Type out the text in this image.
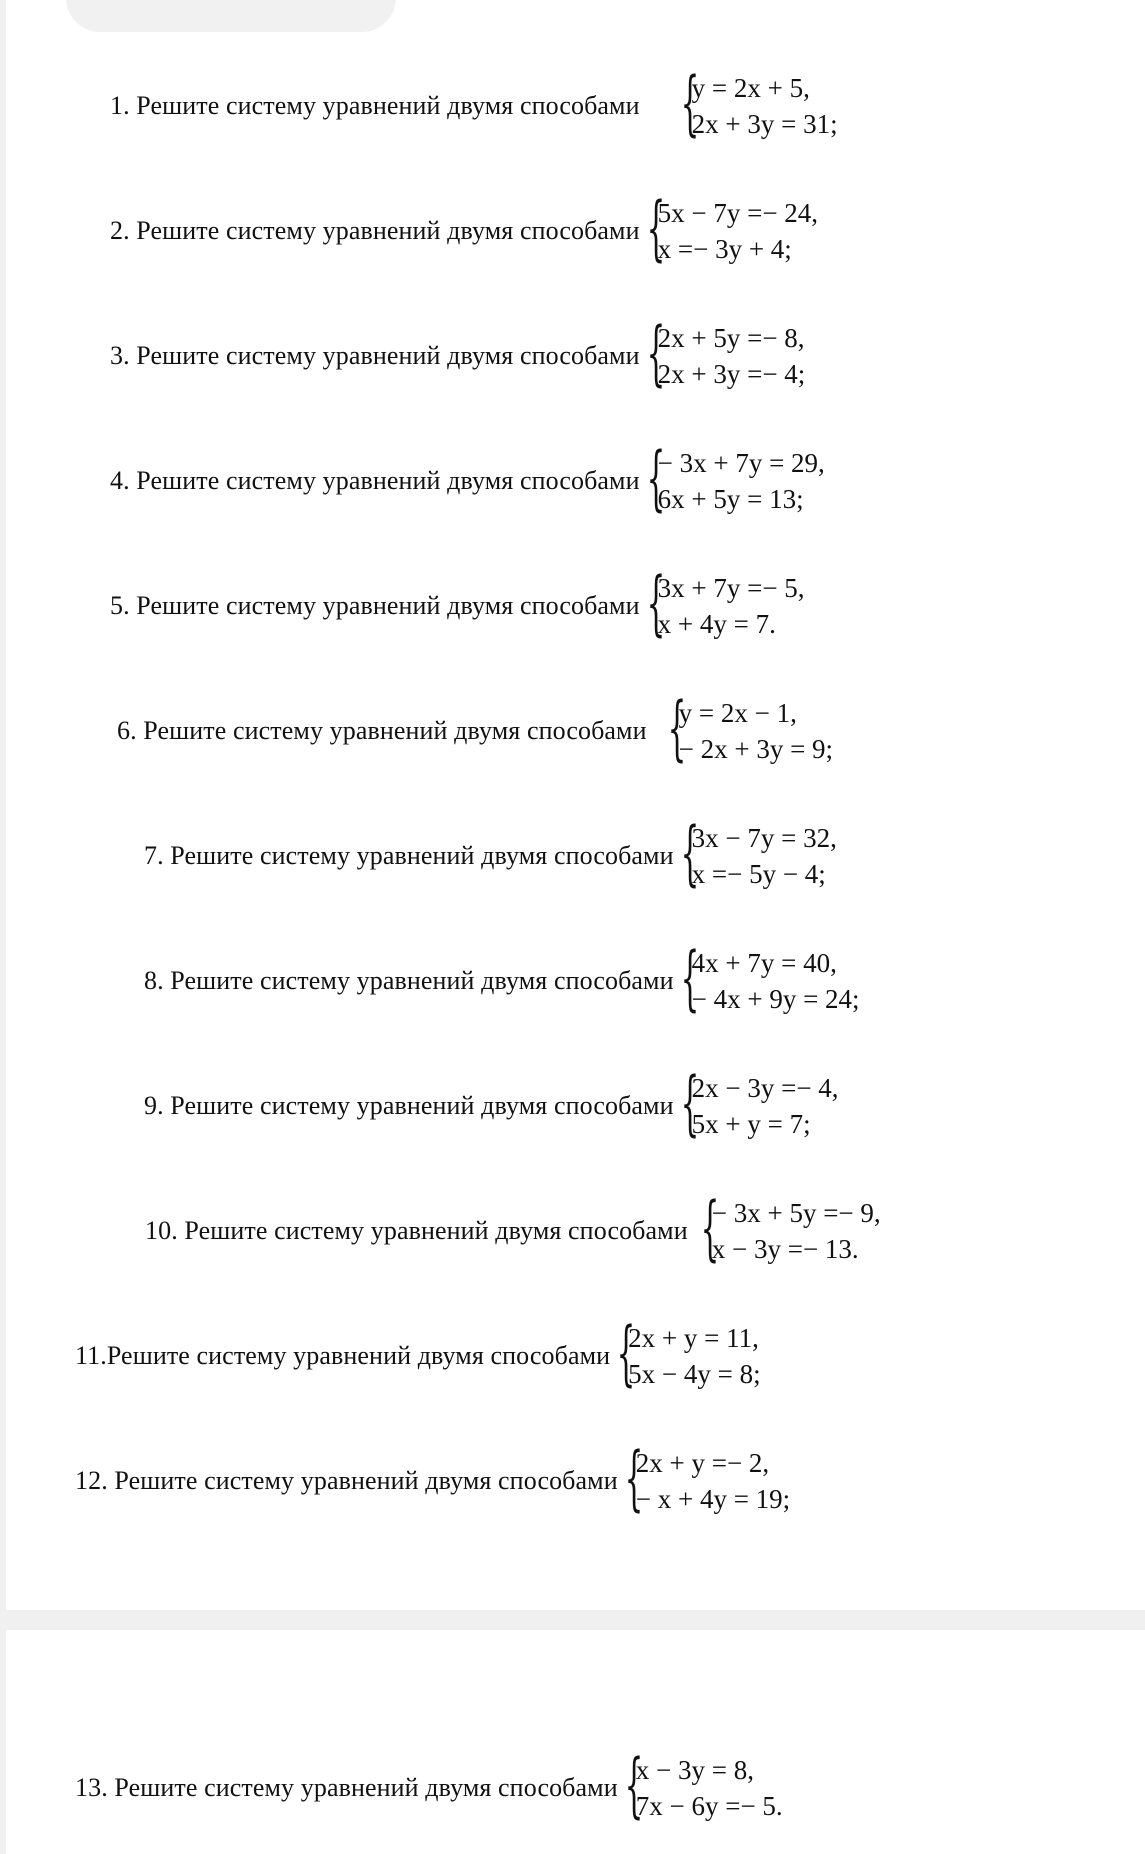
1. Решите систему уравнений двумя способами {
y = 2x + 5,
2x + 3y = 31;
2. Решите систему уравнений двумя способами {
5x − 7y =− 24,
x =− 3y + 4;
3. Решите систему уравнений двумя способами {
2x + 5y =− 8,
2x + 3y =− 4;
4. Решите систему уравнений двумя способами {
− 3x + 7y = 29,
6x + 5y = 13;
5. Решите систему уравнений двумя способами {
3x + 7y =− 5,
x + 4y = 7.
6. Решите систему уравнений двумя способами {
y = 2x − 1,
− 2x + 3y = 9;
7. Решите систему уравнений двумя способами {
3x − 7y = 32,
x =− 5y − 4;
8. Решите систему уравнений двумя способами {
4x + 7y = 40,
− 4x + 9y = 24;
9. Решите систему уравнений двумя способами {
2x − 3y =− 4,
5x + y = 7;
10. Решите систему уравнений двумя способами {
− 3x + 5y =− 9,
x − 3y =− 13.
11.Решите систему уравнений двумя способами {
2x + y = 11,
5x − 4y = 8;
12. Решите систему уравнений двумя способами {
2x + y =− 2,
− x + 4y = 19;
13. Решите систему уравнений двумя способами {
x − 3y = 8,
7x − 6y =− 5.
